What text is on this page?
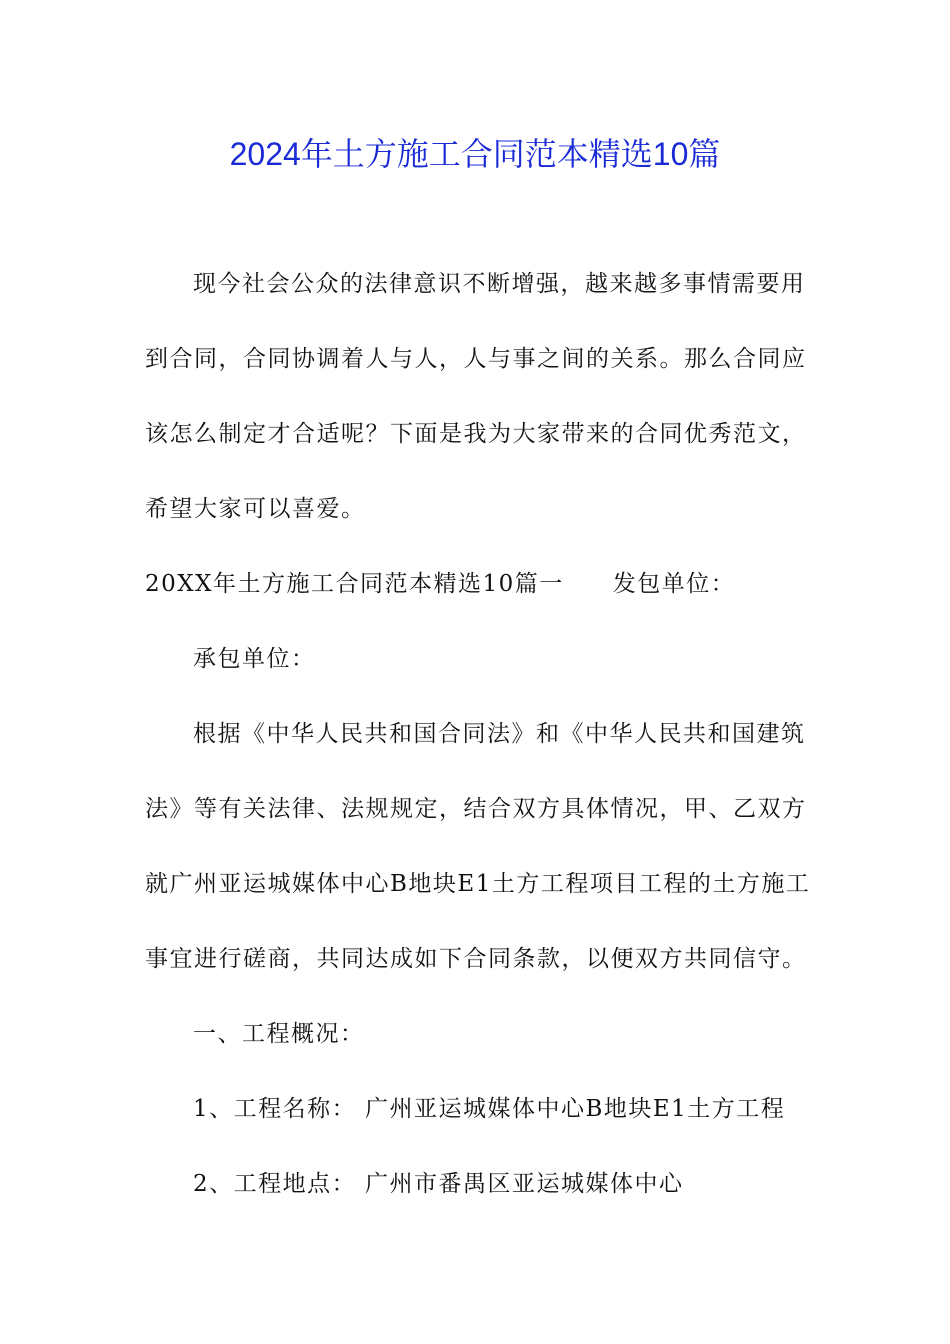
2024年土方施工合同范本精选10篇
现今社会公众的法律意识不断增强，越来越多事情需要用
到合同，合同协调着人与人，人与事之间的关系。那么合同应
该怎么制定才合适呢？下面是我为大家带来的合同优秀范文，
希望大家可以喜爱。
20XX年土方施工合同范本精选10篇一　　发包单位：
承包单位：
根据《中华人民共和国合同法》和《中华人民共和国建筑
法》等有关法律、法规规定，结合双方具体情况，甲、乙双方
就广州亚运城媒体中心B地块E1土方工程项目工程的土方施工
事宜进行磋商，共同达成如下合同条款，以便双方共同信守。
一、工程概况：
1、工程名称： 广州亚运城媒体中心B地块E1土方工程
2、工程地点： 广州市番禺区亚运城媒体中心
